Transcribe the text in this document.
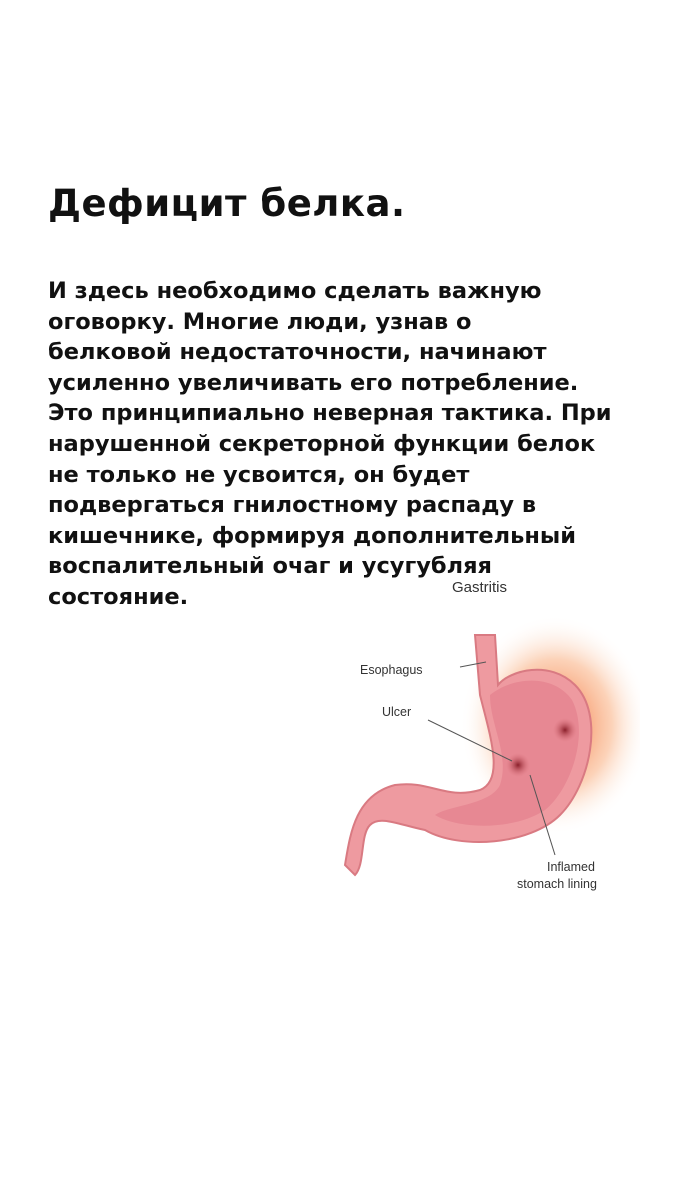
Дефицит белка.
И здесь необходимо сделать важную
оговорку. Многие люди, узнав о
белковой недостаточности, начинают
усиленно увеличивать его потребление.
Это принципиально неверная тактика. При
нарушенной секреторной функции белок
не только не усвоится, он будет
подвергаться гнилостному распаду в
кишечнике, формируя дополнительный
воспалительный очаг и усугубляя
состояние.	Gastritis
Esophagus
Ulcer
Inflamed
stomach lining
